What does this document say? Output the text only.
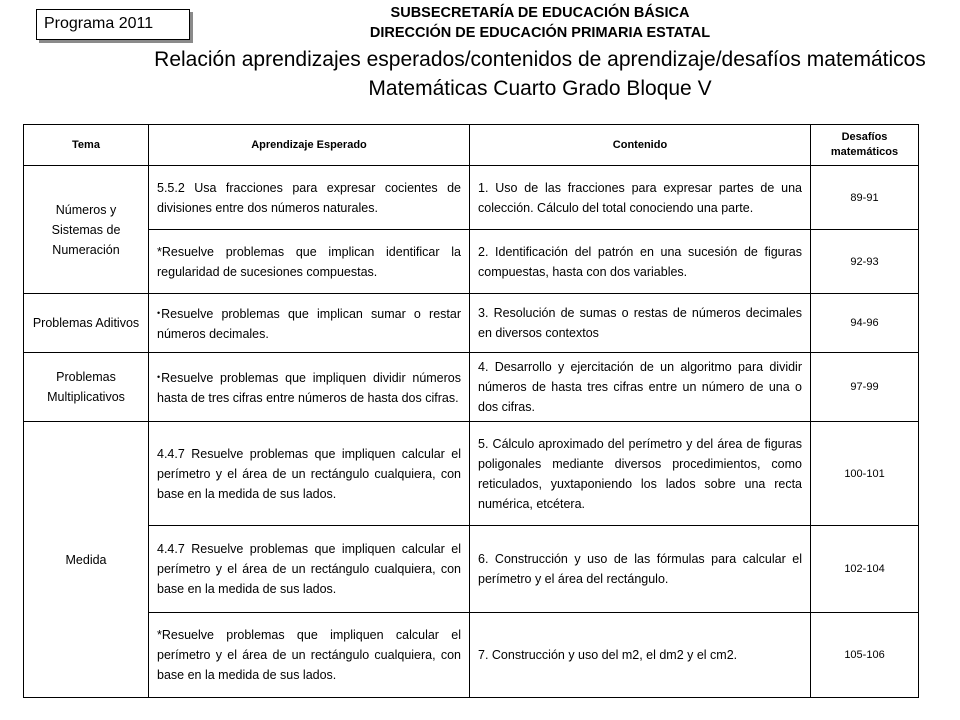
Programa 2011
SUBSECRETARÍA DE EDUCACIÓN BÁSICA
DIRECCIÓN DE EDUCACIÓN PRIMARIA ESTATAL
Relación aprendizajes esperados/contenidos de aprendizaje/desafíos matemáticos
Matemáticas Cuarto Grado Bloque V
Tema	Aprendizaje Esperado	Contenido	Desafíos matemáticos
Números y Sistemas de Numeración	5.5.2 Usa fracciones para expresar cocientes de divisiones entre dos números naturales.	1. Uso de las fracciones para expresar partes de una colección. Cálculo del total conociendo una parte.	89-91
	*Resuelve problemas que implican identificar la regularidad de sucesiones compuestas.	2. Identificación del patrón en una sucesión de figuras compuestas, hasta con dos variables.	92-93
Problemas Aditivos	•Resuelve problemas que implican sumar o restar números decimales.	3. Resolución de sumas o restas de números decimales en diversos contextos	94-96
Problemas Multiplicativos	•Resuelve problemas que impliquen dividir números hasta de tres cifras entre números de hasta dos cifras.	4. Desarrollo y ejercitación de un algoritmo para dividir números de hasta tres cifras entre un número de una o dos cifras.	97-99
Medida	4.4.7 Resuelve problemas que impliquen calcular el perímetro y el área de un rectángulo cualquiera, con base en la medida de sus lados.	5. Cálculo aproximado del perímetro y del área de figuras poligonales mediante diversos procedimientos, como reticulados, yuxtaponiendo los lados sobre una recta numérica, etcétera.	100-101
	4.4.7 Resuelve problemas que impliquen calcular el perímetro y el área de un rectángulo cualquiera, con base en la medida de sus lados.	6. Construcción y uso de las fórmulas para calcular el perímetro y el área del rectángulo.	102-104
	*Resuelve problemas que impliquen calcular el perímetro y el área de un rectángulo cualquiera, con base en la medida de sus lados.	7. Construcción y uso del m2, el dm2 y el cm2.	105-106
